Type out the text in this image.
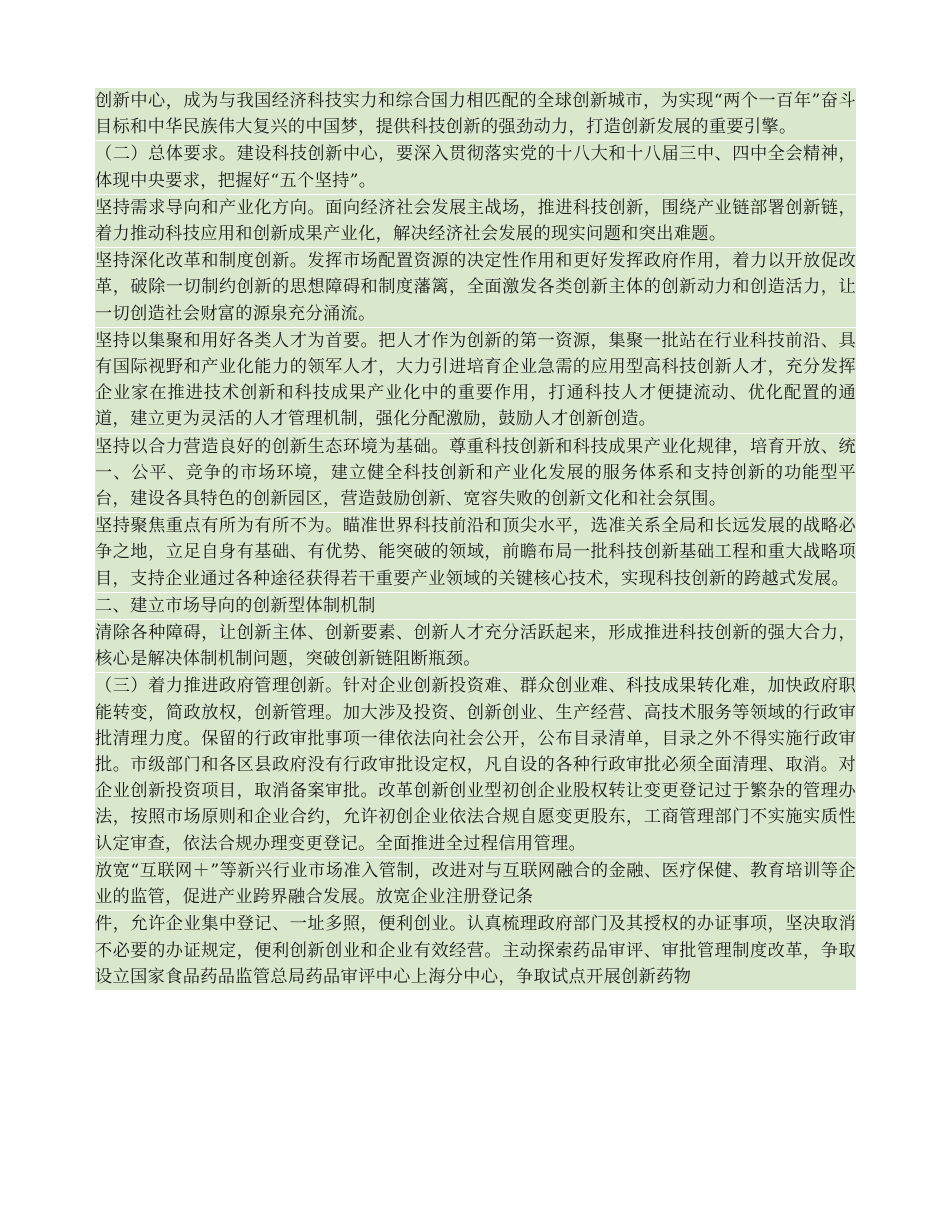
创新中心，成为与我国经济科技实力和综合国力相匹配的全球创新城市，为实现“两个一百年”奋斗目标和中华民族伟大复兴的中国梦，提供科技创新的强劲动力，打造创新发展的重要引擎。

（二）总体要求。建设科技创新中心，要深入贯彻落实党的十八大和十八届三中、四中全会精神，体现中央要求，把握好“五个坚持”。

坚持需求导向和产业化方向。面向经济社会发展主战场，推进科技创新，围绕产业链部署创新链，着力推动科技应用和创新成果产业化，解决经济社会发展的现实问题和突出难题。

坚持深化改革和制度创新。发挥市场配置资源的决定性作用和更好发挥政府作用，着力以开放促改革，破除一切制约创新的思想障碍和制度藩篱，全面激发各类创新主体的创新动力和创造活力，让一切创造社会财富的源泉充分涌流。

坚持以集聚和用好各类人才为首要。把人才作为创新的第一资源，集聚一批站在行业科技前沿、具有国际视野和产业化能力的领军人才，大力引进培育企业急需的应用型高科技创新人才，充分发挥企业家在推进技术创新和科技成果产业化中的重要作用，打通科技人才便捷流动、优化配置的通道，建立更为灵活的人才管理机制，强化分配激励，鼓励人才创新创造。

坚持以合力营造良好的创新生态环境为基础。尊重科技创新和科技成果产业化规律，培育开放、统一、公平、竞争的市场环境，建立健全科技创新和产业化发展的服务体系和支持创新的功能型平台，建设各具特色的创新园区，营造鼓励创新、宽容失败的创新文化和社会氛围。

坚持聚焦重点有所为有所不为。瞄准世界科技前沿和顶尖水平，选准关系全局和长远发展的战略必争之地，立足自身有基础、有优势、能突破的领域，前瞻布局一批科技创新基础工程和重大战略项目，支持企业通过各种途径获得若干重要产业领域的关键核心技术，实现科技创新的跨越式发展。

二、建立市场导向的创新型体制机制

清除各种障碍，让创新主体、创新要素、创新人才充分活跃起来，形成推进科技创新的强大合力，核心是解决体制机制问题，突破创新链阻断瓶颈。

（三）着力推进政府管理创新。针对企业创新投资难、群众创业难、科技成果转化难，加快政府职能转变，简政放权，创新管理。加大涉及投资、创新创业、生产经营、高技术服务等领域的行政审批清理力度。保留的行政审批事项一律依法向社会公开，公布目录清单，目录之外不得实施行政审批。市级部门和各区县政府没有行政审批设定权，凡自设的各种行政审批必须全面清理、取消。对企业创新投资项目，取消备案审批。改革创新创业型初创企业股权转让变更登记过于繁杂的管理办法，按照市场原则和企业合约，允许初创企业依法合规自愿变更股东，工商管理部门不实施实质性认定审查，依法合规办理变更登记。全面推进全过程信用管理。

放宽“互联网＋”等新兴行业市场准入管制，改进对与互联网融合的金融、医疗保健、教育培训等企业的监管，促进产业跨界融合发展。放宽企业注册登记条

件，允许企业集中登记、一址多照，便利创业。认真梳理政府部门及其授权的办证事项，坚决取消不必要的办证规定，便利创新创业和企业有效经营。主动探索药品审评、审批管理制度改革，争取设立国家食品药品监管总局药品审评中心上海分中心，争取试点开展创新药物
